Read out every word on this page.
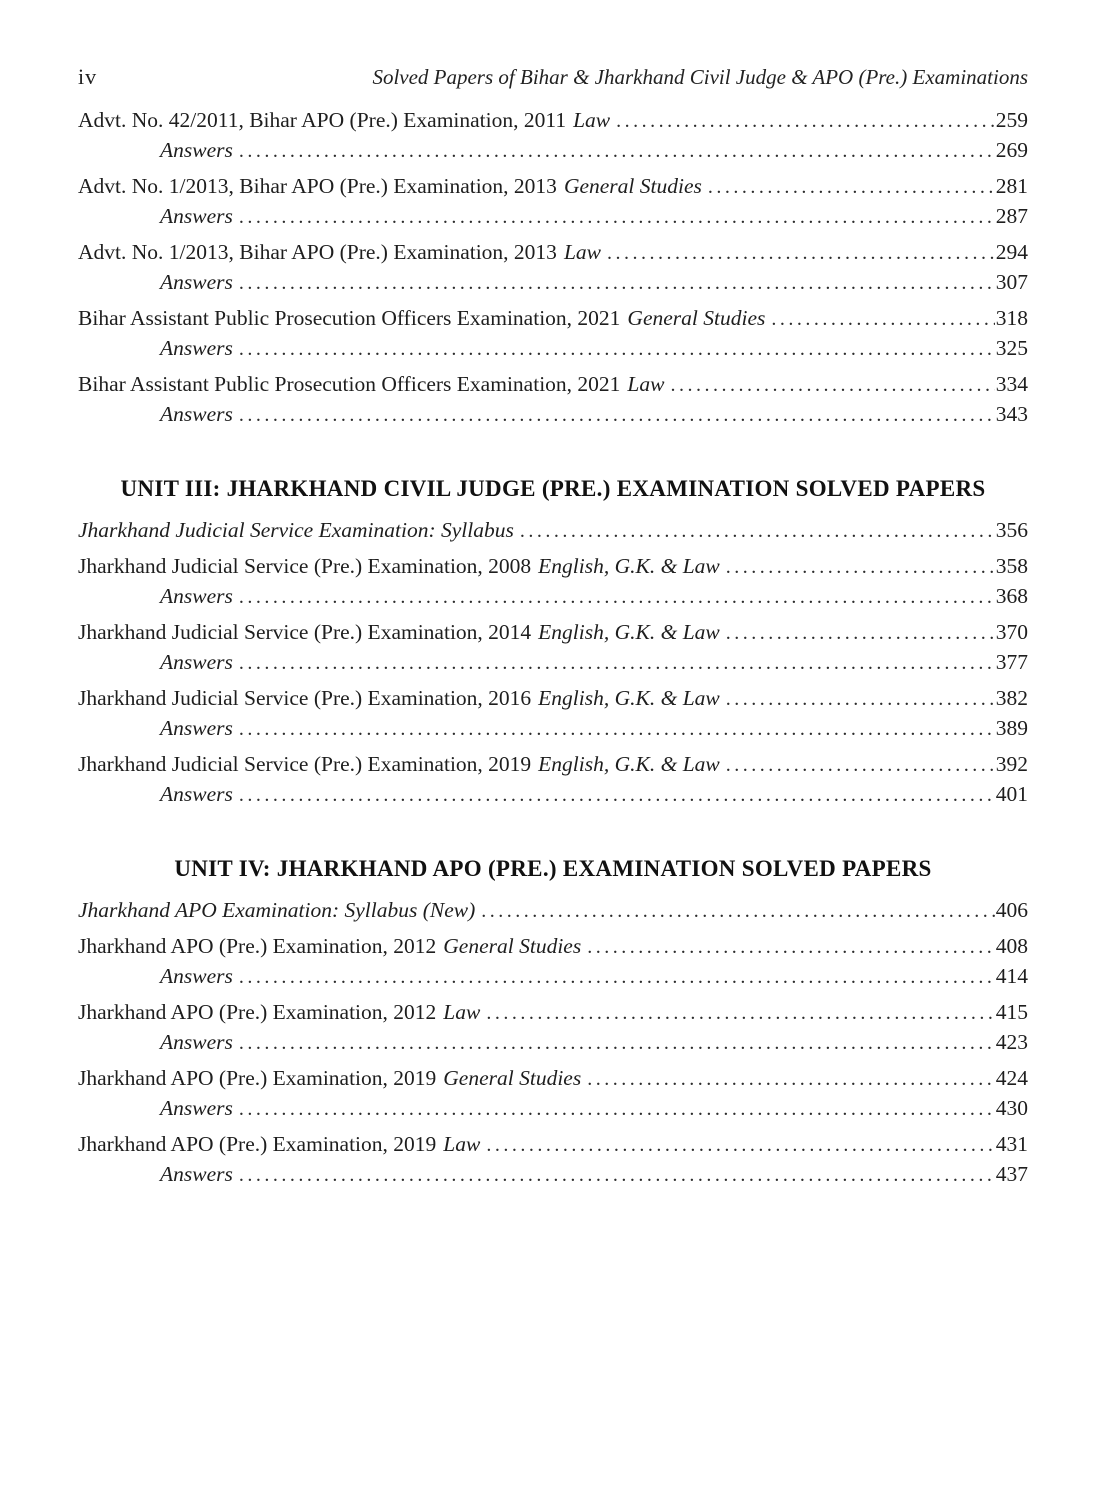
iv	Solved Papers of Bihar & Jharkhand Civil Judge & APO (Pre.) Examinations
Advt. No. 42/2011, Bihar APO (Pre.) Examination, 2011 Law .....	259
Answers .....	269
Advt. No. 1/2013, Bihar APO (Pre.) Examination, 2013 General Studies .....	281
Answers .....	287
Advt. No. 1/2013, Bihar APO (Pre.) Examination, 2013 Law .....	294
Answers .....	307
Bihar Assistant Public Prosecution Officers Examination, 2021 General Studies .....	318
Answers .....	325
Bihar Assistant Public Prosecution Officers Examination, 2021 Law .....	334
Answers .....	343
UNIT III: JHARKHAND CIVIL JUDGE (PRE.) EXAMINATION SOLVED PAPERS
Jharkhand Judicial Service Examination: Syllabus .....	356
Jharkhand Judicial Service (Pre.) Examination, 2008 English, G.K. & Law .....	358
Answers .....	368
Jharkhand Judicial Service (Pre.) Examination, 2014 English, G.K. & Law .....	370
Answers .....	377
Jharkhand Judicial Service (Pre.) Examination, 2016 English, G.K. & Law .....	382
Answers .....	389
Jharkhand Judicial Service (Pre.) Examination, 2019 English, G.K. & Law .....	392
Answers .....	401
UNIT IV: JHARKHAND APO (PRE.) EXAMINATION SOLVED PAPERS
Jharkhand APO Examination: Syllabus (New) .....	406
Jharkhand APO (Pre.) Examination, 2012 General Studies .....	408
Answers .....	414
Jharkhand APO (Pre.) Examination, 2012 Law .....	415
Answers .....	423
Jharkhand APO (Pre.) Examination, 2019 General Studies .....	424
Answers .....	430
Jharkhand APO (Pre.) Examination, 2019 Law .....	431
Answers .....	437
